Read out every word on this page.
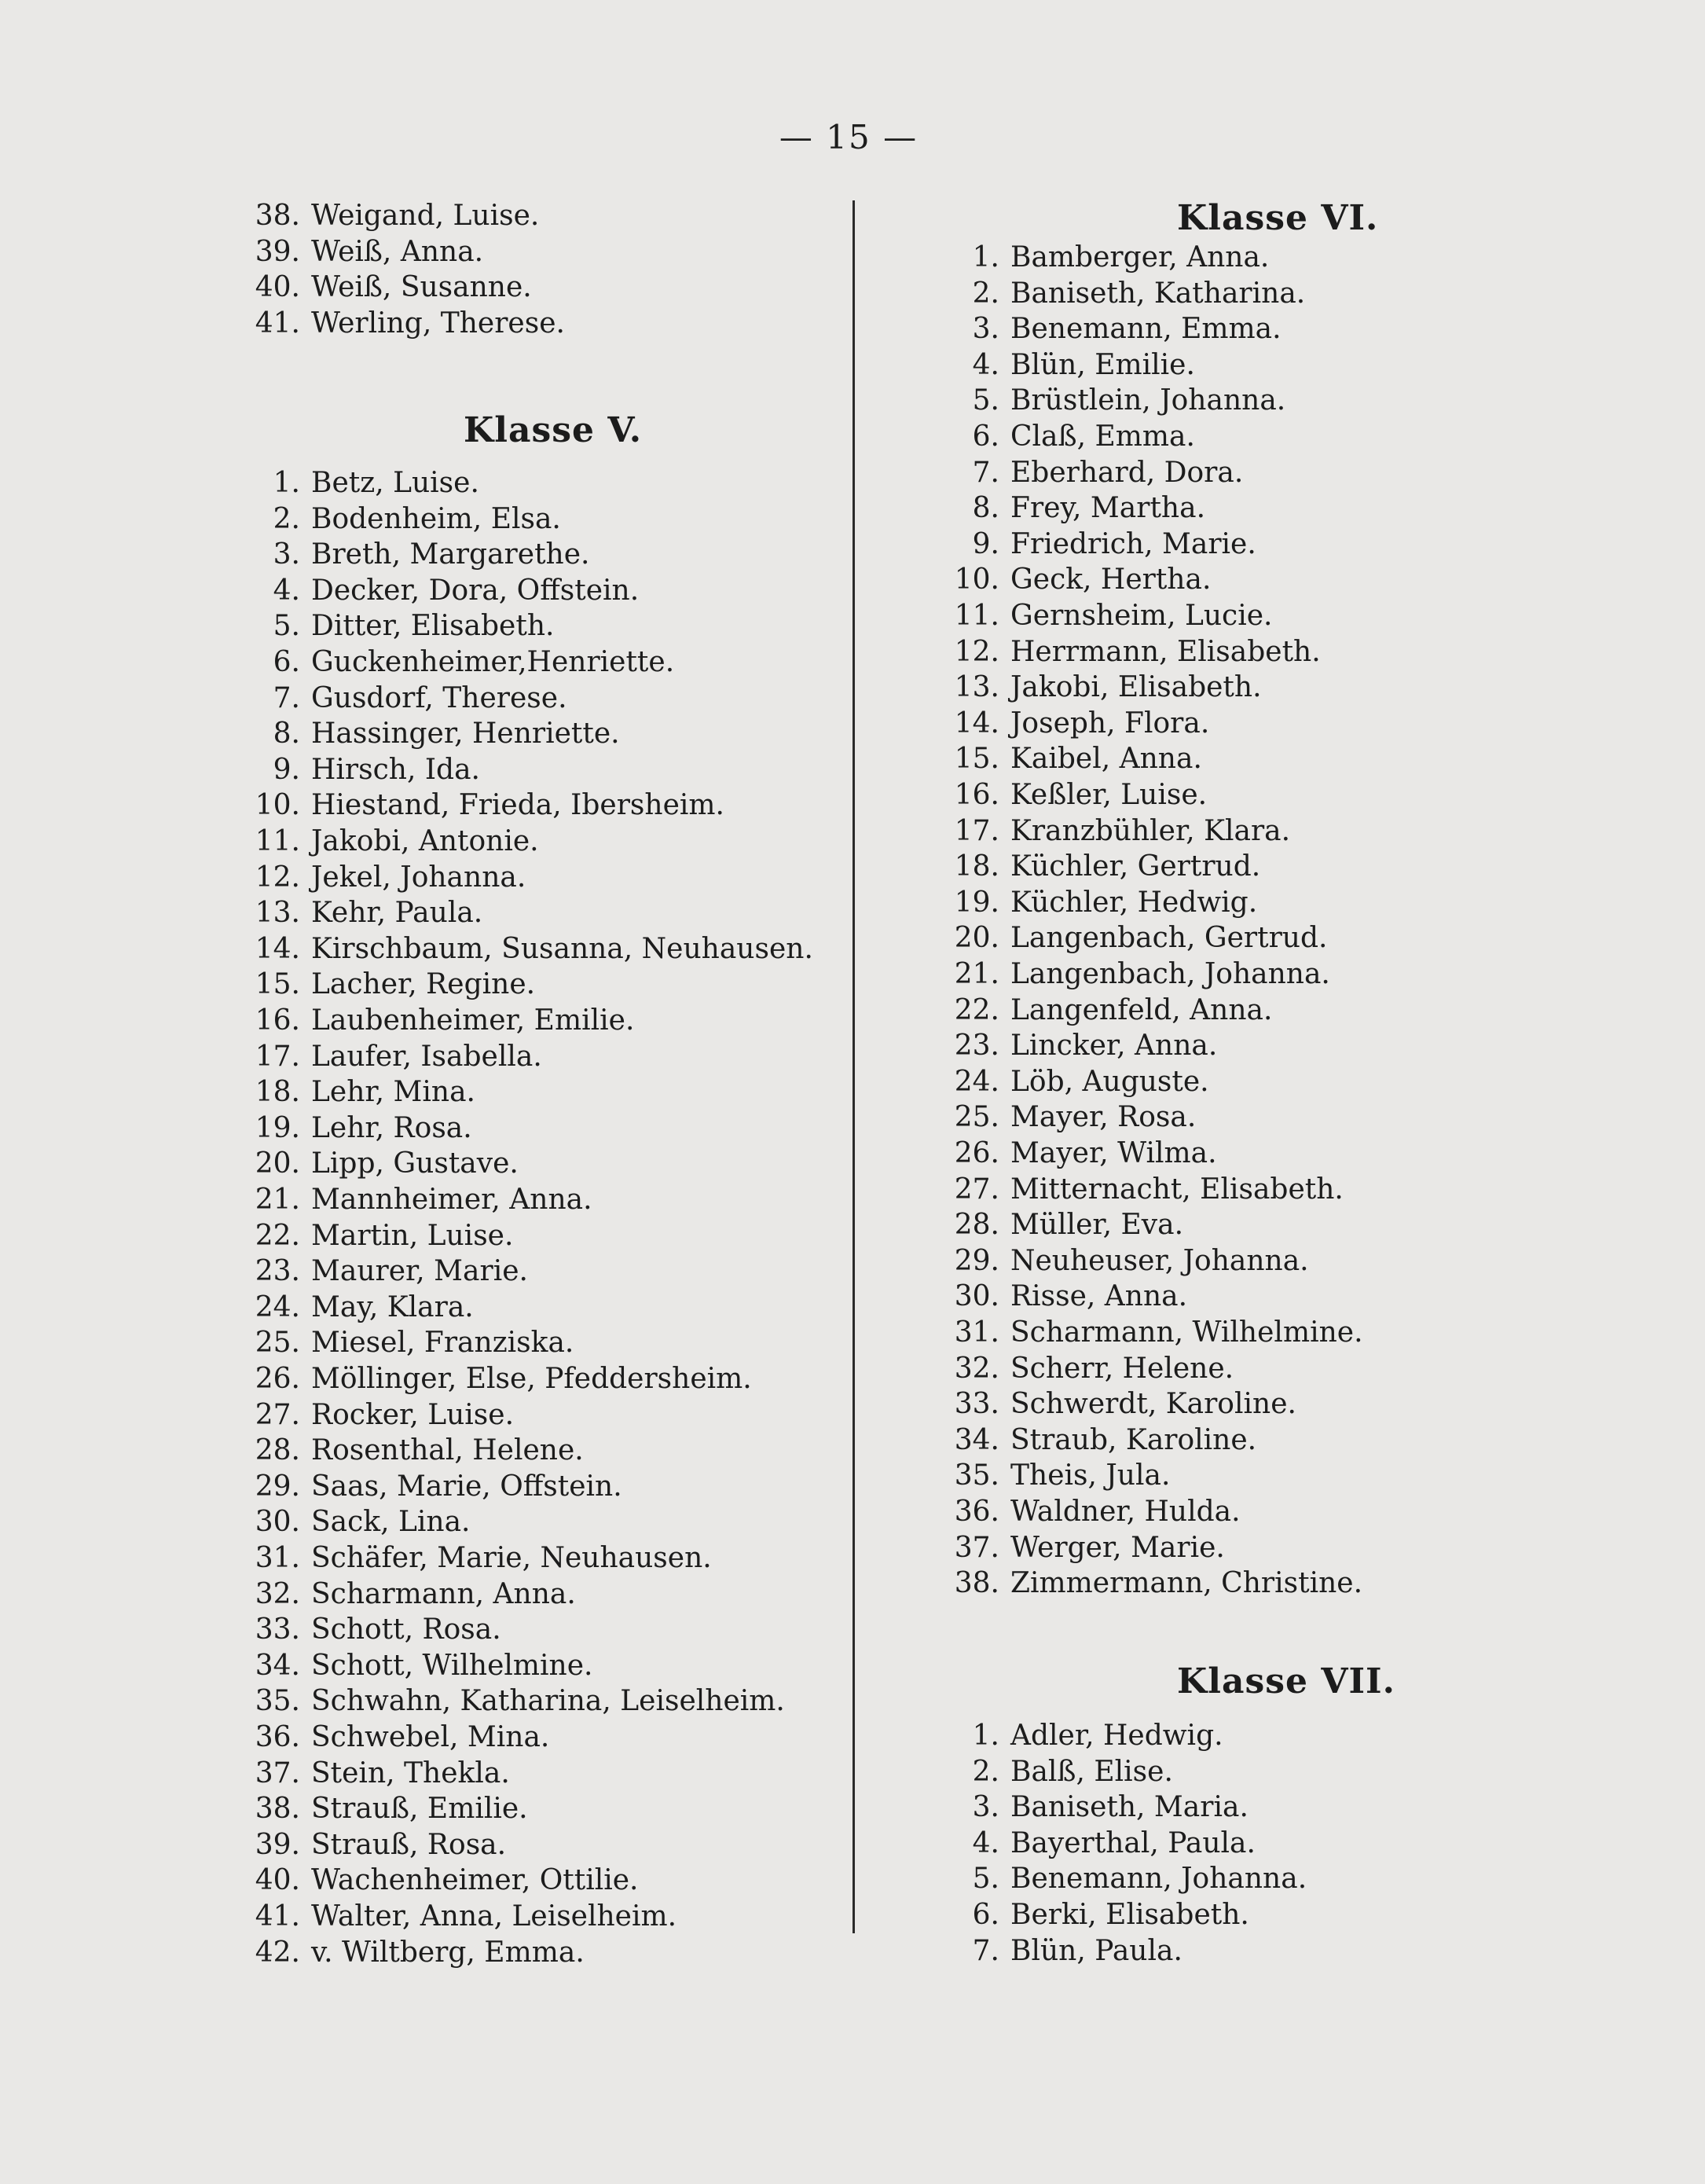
— 15 —
38. Weigand, Luise.
39. Weiß, Anna.
40. Weiß, Susanne.
41. Werling, Therese.
Klasse V.
1. Betz, Luise.
2. Bodenheim, Elsa.
3. Breth, Margarethe.
4. Decker, Dora, Offstein.
5. Ditter, Elisabeth.
6. Guckenheimer,Henriette.
7. Gusdorf, Therese.
8. Hassinger, Henriette.
9. Hirsch, Ida.
10. Hiestand, Frieda, Ibersheim.
11. Jakobi, Antonie.
12. Jekel, Johanna.
13. Kehr, Paula.
14. Kirschbaum, Susanna, Neuhausen.
15. Lacher, Regine.
16. Laubenheimer, Emilie.
17. Laufer, Isabella.
18. Lehr, Mina.
19. Lehr, Rosa.
20. Lipp, Gustave.
21. Mannheimer, Anna.
22. Martin, Luise.
23. Maurer, Marie.
24. May, Klara.
25. Miesel, Franziska.
26. Möllinger, Else, Pfeddersheim.
27. Rocker, Luise.
28. Rosenthal, Helene.
29. Saas, Marie, Offstein.
30. Sack, Lina.
31. Schäfer, Marie, Neuhausen.
32. Scharmann, Anna.
33. Schott, Rosa.
34. Schott, Wilhelmine.
35. Schwahn, Katharina, Leiselheim.
36. Schwebel, Mina.
37. Stein, Thekla.
38. Strauß, Emilie.
39. Strauß, Rosa.
40. Wachenheimer, Ottilie.
41. Walter, Anna, Leiselheim.
42. v. Wiltberg, Emma.
Klasse VI.
1. Bamberger, Anna.
2. Baniseth, Katharina.
3. Benemann, Emma.
4. Blün, Emilie.
5. Brüstlein, Johanna.
6. Claß, Emma.
7. Eberhard, Dora.
8. Frey, Martha.
9. Friedrich, Marie.
10. Geck, Hertha.
11. Gernsheim, Lucie.
12. Herrmann, Elisabeth.
13. Jakobi, Elisabeth.
14. Joseph, Flora.
15. Kaibel, Anna.
16. Keßler, Luise.
17. Kranzbühler, Klara.
18. Küchler, Gertrud.
19. Küchler, Hedwig.
20. Langenbach, Gertrud.
21. Langenbach, Johanna.
22. Langenfeld, Anna.
23. Lincker, Anna.
24. Löb, Auguste.
25. Mayer, Rosa.
26. Mayer, Wilma.
27. Mitternacht, Elisabeth.
28. Müller, Eva.
29. Neuheuser, Johanna.
30. Risse, Anna.
31. Scharmann, Wilhelmine.
32. Scherr, Helene.
33. Schwerdt, Karoline.
34. Straub, Karoline.
35. Theis, Jula.
36. Waldner, Hulda.
37. Werger, Marie.
38. Zimmermann, Christine.
Klasse VII.
1. Adler, Hedwig.
2. Balß, Elise.
3. Baniseth, Maria.
4. Bayerthal, Paula.
5. Benemann, Johanna.
6. Berki, Elisabeth.
7. Blün, Paula.
